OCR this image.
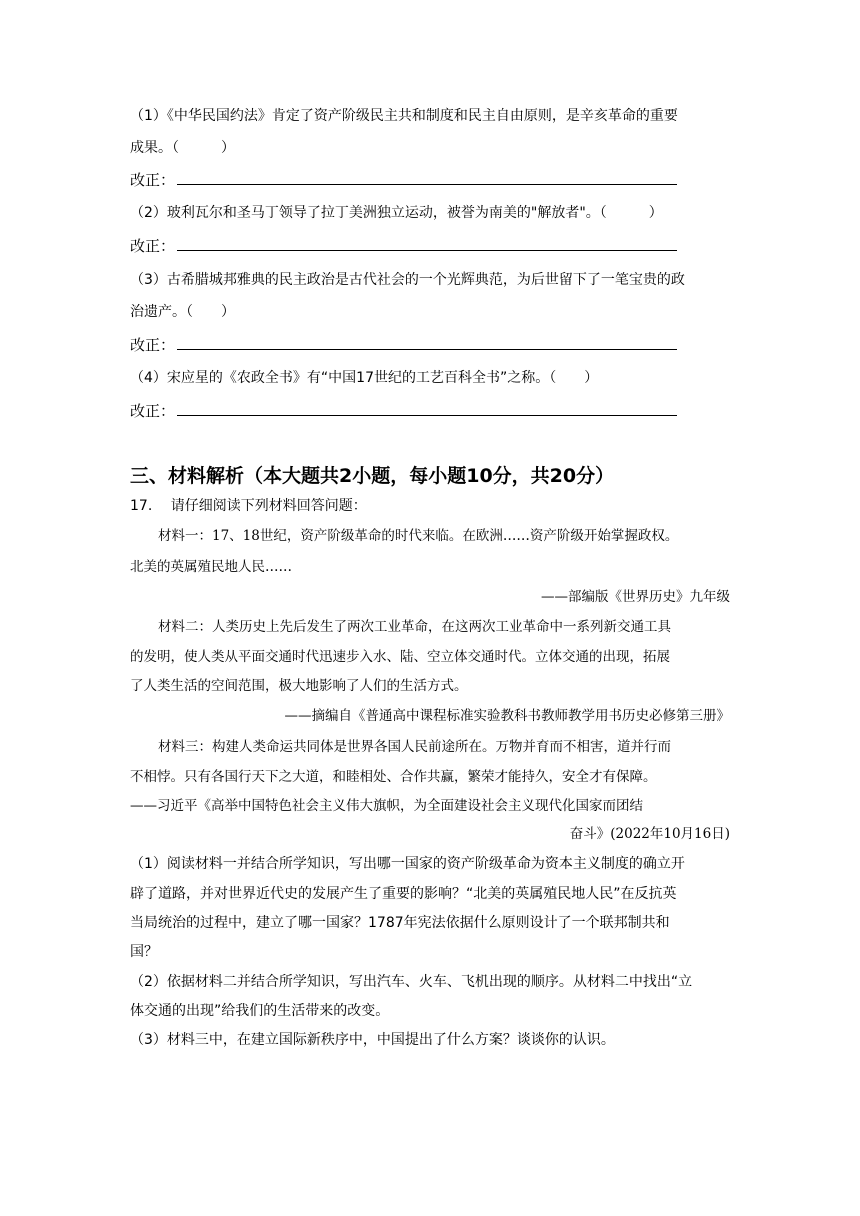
（1）《中华民国约法》肯定了资产阶级民主共和制度和民主自由原则，是辛亥革命的重要
成果。（　　　）
改正：
（2）玻利瓦尔和圣马丁领导了拉丁美洲独立运动，被誉为南美的"解放者"。（　　　）
改正：
（3）古希腊城邦雅典的民主政治是古代社会的一个光辉典范，为后世留下了一笔宝贵的政
治遗产。（　　）
改正：
（4）宋应星的《农政全书》有“中国17世纪的工艺百科全书”之称。（　　）
改正：
三、材料解析（本大题共2小题，每小题10分，共20分）
17.　 请仔细阅读下列材料回答问题：
材料一：17、18世纪，资产阶级革命的时代来临。在欧洲……资产阶级开始掌握政权。
北美的英属殖民地人民……
——部编版《世界历史》九年级
材料二：人类历史上先后发生了两次工业革命，在这两次工业革命中一系列新交通工具
的发明，使人类从平面交通时代迅速步入水、陆、空立体交通时代。立体交通的出现，拓展
了人类生活的空间范围，极大地影响了人们的生活方式。
——摘编自《普通高中课程标准实验教科书教师教学用书历史必修第三册》
材料三：构建人类命运共同体是世界各国人民前途所在。万物并育而不相害，道并行而
不相悖。只有各国行天下之大道，和睦相处、合作共赢，繁荣才能持久，安全才有保障。
——习近平《高举中国特色社会主义伟大旗帜，为全面建设社会主义现代化国家而团结
奋斗》(2022年10月16日)
（1）阅读材料一并结合所学知识，写出哪一国家的资产阶级革命为资本主义制度的确立开
辟了道路，并对世界近代史的发展产生了重要的影响？“北美的英属殖民地人民”在反抗英
当局统治的过程中，建立了哪一国家？1787年宪法依据什么原则设计了一个联邦制共和
国？
（2）依据材料二并结合所学知识，写出汽车、火车、飞机出现的顺序。从材料二中找出“立
体交通的出现”给我们的生活带来的改变。
（3）材料三中，在建立国际新秩序中，中国提出了什么方案？谈谈你的认识。
